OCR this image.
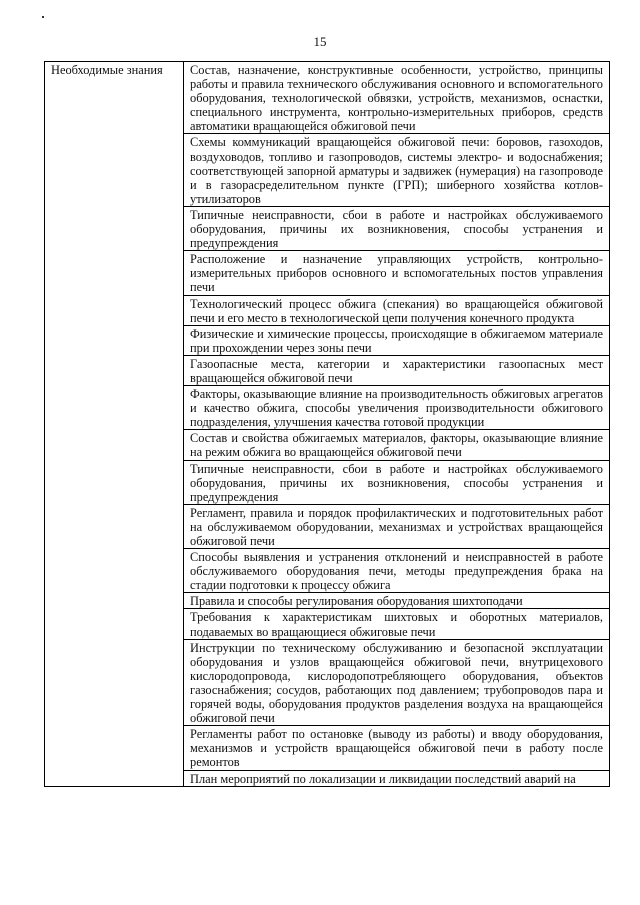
15
Необходимые знания	Состав, назначение, конструктивные особенности, устройство, принципы работы и правила технического обслуживания основного и вспомогательного оборудования, технологической обвязки, устройств, механизмов, оснастки, специального инструмента, контрольно-измерительных приборов, средств автоматики вращающейся обжиговой печи
Схемы коммуникаций вращающейся обжиговой печи: боровов, газоходов, воздуховодов, топливо и газопроводов, системы электро- и водоснабжения; соответствующей запорной арматуры и задвижек (нумерация) на газопроводе и в газорасределительном пункте (ГРП); шиберного хозяйства котлов-утилизаторов
Типичные неисправности, сбои в работе и настройках обслуживаемого оборудования, причины их возникновения, способы устранения и предупреждения
Расположение и назначение управляющих устройств, контрольно-измерительных приборов основного и вспомогательных постов управления печи
Технологический процесс обжига (спекания) во вращающейся обжиговой печи и его место в технологической цепи получения конечного продукта
Физические и химические процессы, происходящие в обжигаемом материале при прохождении через зоны печи
Газоопасные места, категории и характеристики газоопасных мест вращающейся обжиговой печи
Факторы, оказывающие влияние на производительность обжиговых агрегатов и качество обжига, способы увеличения производительности обжигового подразделения, улучшения качества готовой продукции
Состав и свойства обжигаемых материалов, факторы, оказывающие влияние на режим обжига во вращающейся обжиговой печи
Типичные неисправности, сбои в работе и настройках обслуживаемого оборудования, причины их возникновения, способы устранения и предупреждения
Регламент, правила и порядок профилактических и подготовительных работ на обслуживаемом оборудовании, механизмах и устройствах вращающейся обжиговой печи
Способы выявления и устранения отклонений и неисправностей в работе обслуживаемого оборудования печи, методы предупреждения брака на стадии подготовки к процессу обжига
Правила и способы регулирования оборудования шихтоподачи
Требования к характеристикам шихтовых и оборотных материалов, подаваемых во вращающиеся обжиговые печи
Инструкции по техническому обслуживанию и безопасной эксплуатации оборудования и узлов вращающейся обжиговой печи, внутрицехового кислородопровода, кислородопотребляющего оборудования, объектов газоснабжения; сосудов, работающих под давлением; трубопроводов пара и горячей воды, оборудования продуктов разделения воздуха на вращающейся обжиговой печи
Регламенты работ по остановке (выводу из работы) и вводу оборудования, механизмов и устройств вращающейся обжиговой печи в работу после ремонтов
План мероприятий по локализации и ликвидации последствий аварий на
